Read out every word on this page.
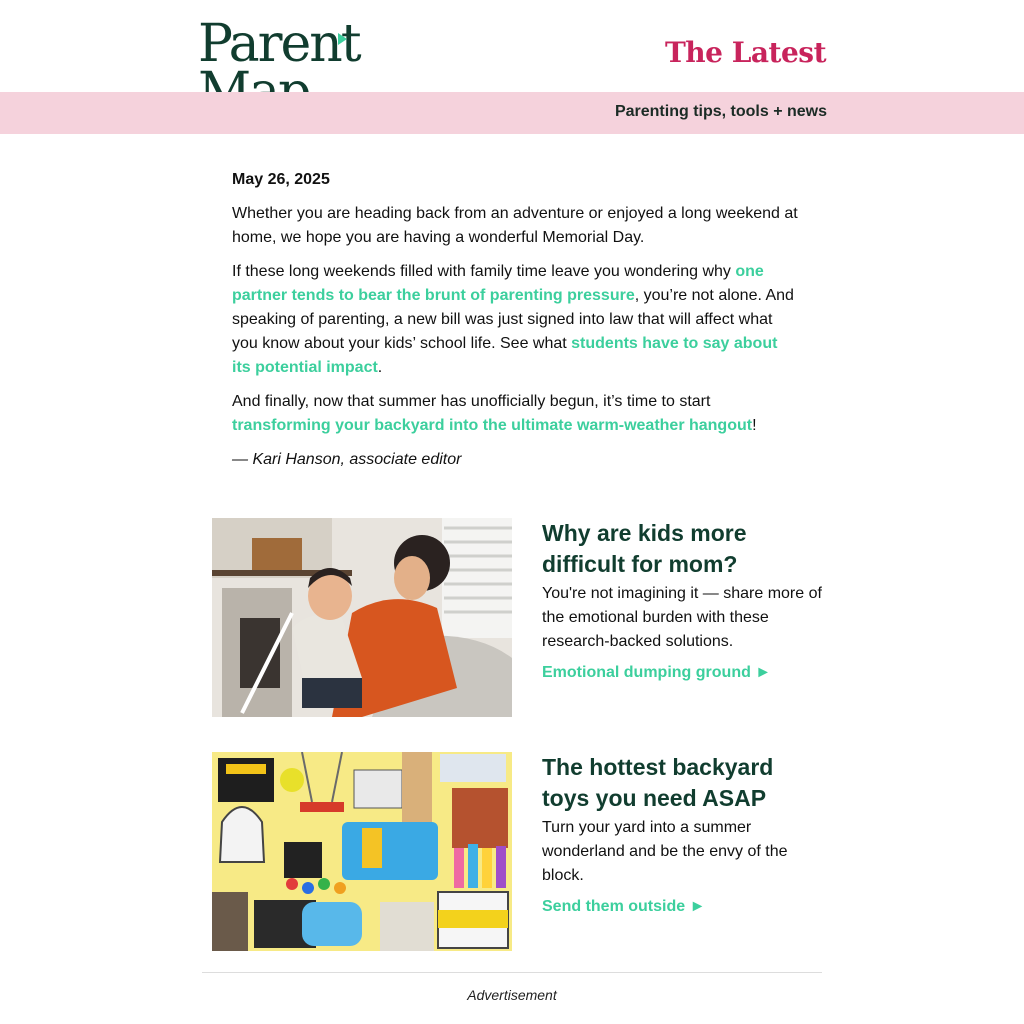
Parent	The Latest
Parenting tips, tools + news
May 26, 2025

Whether you are heading back from an adventure or enjoyed a long weekend at home, we hope you are having a wonderful Memorial Day.

If these long weekends filled with family time leave you wondering why one partner tends to bear the brunt of parenting pressure, you’re not alone. And speaking of parenting, a new bill was just signed into law that will affect what you know about your kids’ school life. See what students have to say about its potential impact.

And finally, now that summer has unofficially begun, it’s time to start transforming your backyard into the ultimate warm-weather hangout!

— Kari Hanson, associate editor

Why are kids more difficult for mom?
You're not imagining it — share more of the emotional burden with these research-backed solutions.
Emotional dumping ground ►
The hottest backyard toys you need ASAP
Turn your yard into a summer wonderland and be the envy of the block.
Send them outside ►
Advertisement
